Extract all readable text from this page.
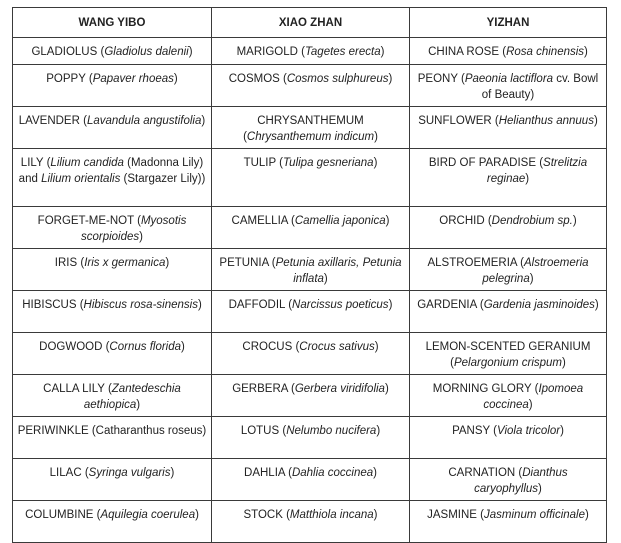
WANG YIBO	XIAO ZHAN	YIZHAN
GLADIOLUS (Gladiolus dalenii)	MARIGOLD (Tagetes erecta)	CHINA ROSE (Rosa chinensis)
POPPY (Papaver rhoeas)	COSMOS (Cosmos sulphureus)	PEONY (Paeonia lactiflora cv. Bowl of Beauty)
LAVENDER (Lavandula angustifolia)	CHRYSANTHEMUM (Chrysanthemum indicum)	SUNFLOWER (Helianthus annuus)
LILY (Lilium candida (Madonna Lily) and Lilium orientalis (Stargazer Lily))	TULIP (Tulipa gesneriana)	BIRD OF PARADISE (Strelitzia reginae)
FORGET-ME-NOT (Myosotis scorpioides)	CAMELLIA (Camellia japonica)	ORCHID (Dendrobium sp.)
IRIS (Iris x germanica)	PETUNIA (Petunia axillaris, Petunia inflata)	ALSTROEMERIA (Alstroemeria pelegrina)
HIBISCUS (Hibiscus rosa-sinensis)	DAFFODIL (Narcissus poeticus)	GARDENIA (Gardenia jasminoides)
DOGWOOD (Cornus florida)	CROCUS (Crocus sativus)	LEMON-SCENTED GERANIUM (Pelargonium crispum)
CALLA LILY (Zantedeschia aethiopica)	GERBERA (Gerbera viridifolia)	MORNING GLORY (Ipomoea coccinea)
PERIWINKLE (Catharanthus roseus)	LOTUS (Nelumbo nucifera)	PANSY (Viola tricolor)
LILAC (Syringa vulgaris)	DAHLIA (Dahlia coccinea)	CARNATION (Dianthus caryophyllus)
COLUMBINE (Aquilegia coerulea)	STOCK (Matthiola incana)	JASMINE (Jasminum officinale)
